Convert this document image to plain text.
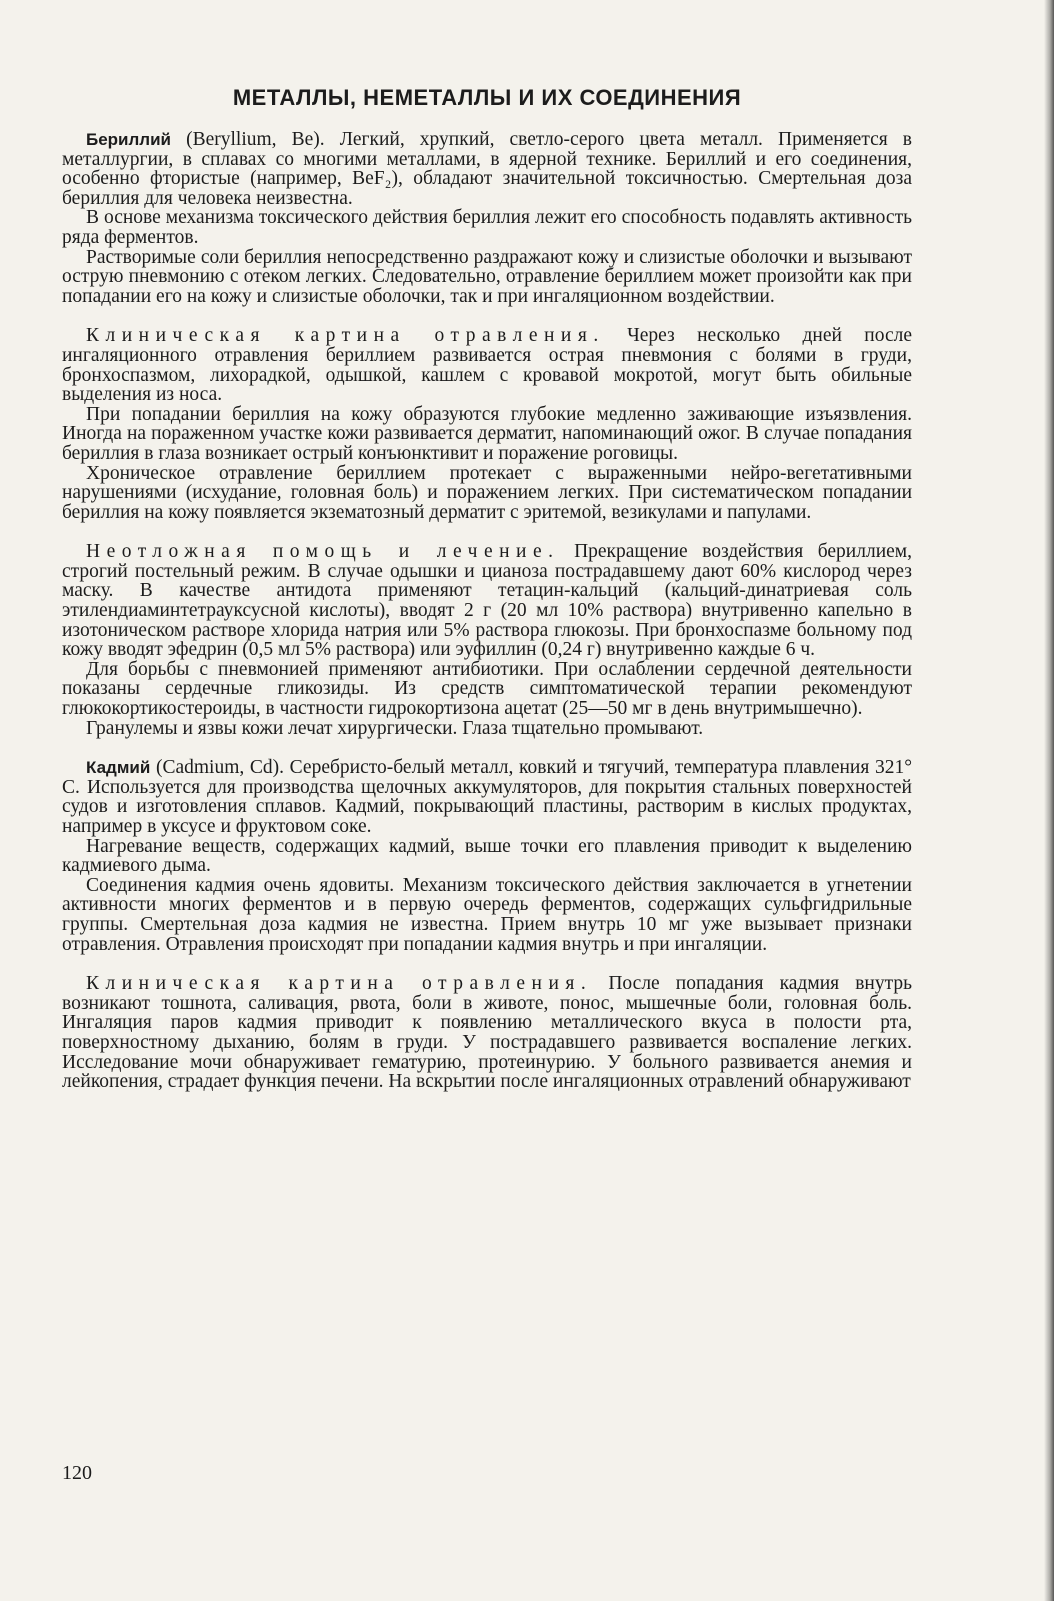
МЕТАЛЛЫ, НЕМЕТАЛЛЫ И ИХ СОЕДИНЕНИЯ

Бериллий (Beryllium, Be). Легкий, хрупкий, светло-серого цвета металл. Применяется в металлургии, в сплавах со многими металлами, в ядерной технике. Бериллий и его соединения, особенно фтористые (например, BeF₂), обладают значительной токсичностью. Смертельная доза бериллия для человека неизвестна.

В основе механизма токсического действия бериллия лежит его способность подавлять активность ряда ферментов.

Растворимые соли бериллия непосредственно раздражают кожу и слизистые оболочки и вызывают острую пневмонию с отеком легких. Следовательно, отравление бериллием может произойти как при попадании его на кожу и слизистые оболочки, так и при ингаляционном воздействии.

Клиническая картина отравления. Через несколько дней после ингаляционного отравления бериллием развивается острая пневмония с болями в груди, бронхоспазмом, лихорадкой, одышкой, кашлем с кровавой мокротой, могут быть обильные выделения из носа.

При попадании бериллия на кожу образуются глубокие медленно заживающие изъязвления. Иногда на пораженном участке кожи развивается дерматит, напоминающий ожог. В случае попадания бериллия в глаза возникает острый конъюнктивит и поражение роговицы.

Хроническое отравление бериллием протекает с выраженными нейро-вегетативными нарушениями (исхудание, головная боль) и поражением легких. При систематическом попадании бериллия на кожу появляется экзематозный дерматит с эритемой, везикулами и папулами.

Неотложная помощь и лечение. Прекращение воздействия бериллием, строгий постельный режим. В случае одышки и цианоза пострадавшему дают 60% кислород через маску. В качестве антидота применяют тетацин-кальций (кальций-динатриевая соль этилендиаминтетрауксусной кислоты), вводят 2 г (20 мл 10% раствора) внутривенно капельно в изотоническом растворе хлорида натрия или 5% раствора глюкозы. При бронхоспазме больному под кожу вводят эфедрин (0,5 мл 5% раствора) или эуфиллин (0,24 г) внутривенно каждые 6 ч.

Для борьбы с пневмонией применяют антибиотики. При ослаблении сердечной деятельности показаны сердечные гликозиды. Из средств симптоматической терапии рекомендуют глюкокортикостероиды, в частности гидрокортизона ацетат (25—50 мг в день внутримышечно).

Гранулемы и язвы кожи лечат хирургически. Глаза тщательно промывают.

Кадмий (Cadmium, Cd). Серебристо-белый металл, ковкий и тягучий, температура плавления 321° С. Используется для производства щелочных аккумуляторов, для покрытия стальных поверхностей судов и изготовления сплавов. Кадмий, покрывающий пластины, растворим в кислых продуктах, например в уксусе и фруктовом соке.

Нагревание веществ, содержащих кадмий, выше точки его плавления приводит к выделению кадмиевого дыма.

Соединения кадмия очень ядовиты. Механизм токсического действия заключается в угнетении активности многих ферментов и в первую очередь ферментов, содержащих сульфгидрильные группы. Смертельная доза кадмия не известна. Прием внутрь 10 мг уже вызывает признаки отравления. Отравления происходят при попадании кадмия внутрь и при ингаляции.

Клиническая картина отравления. После попадания кадмия внутрь возникают тошнота, саливация, рвота, боли в животе, понос, мышечные боли, головная боль. Ингаляция паров кадмия приводит к появлению металлического вкуса в полости рта, поверхностному дыханию, болям в груди. У пострадавшего развивается воспаление легких. Исследование мочи обнаруживает гематурию, протеинурию. У больного развивается анемия и лейкопения, страдает функция печени. На вскрытии после ингаляционных отравлений обнаруживают

120
